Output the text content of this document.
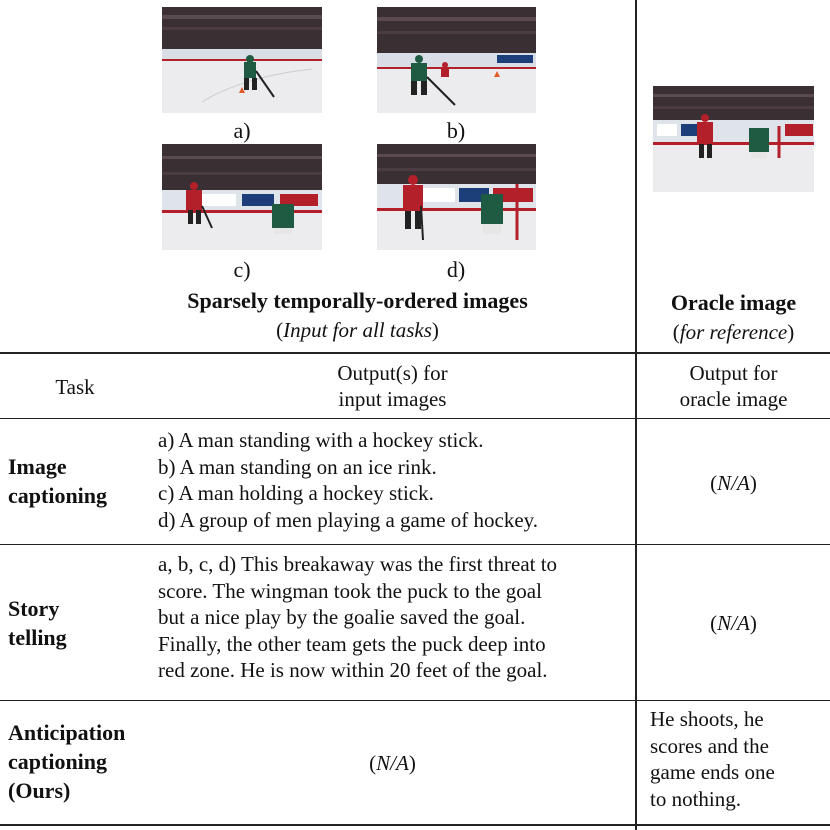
a)	b)
c)	d)
Sparsely temporally-ordered images
(Input for all tasks)
Oracle image
(for reference)
Task
Output(s) for
input images
Output for
oracle image
Image
captioning
a) A man standing with a hockey stick.
b) A man standing on an ice rink.
c) A man holding a hockey stick.
d) A group of men playing a game of hockey.
(N/A)
Story
telling
a, b, c, d) This breakaway was the first threat to
score. The wingman took the puck to the goal
but a nice play by the goalie saved the goal.
Finally, the other team gets the puck deep into
red zone. He is now within 20 feet of the goal.
(N/A)
Anticipation
captioning
(Ours)
(N/A)
He shoots, he
scores and the
game ends one
to nothing.
